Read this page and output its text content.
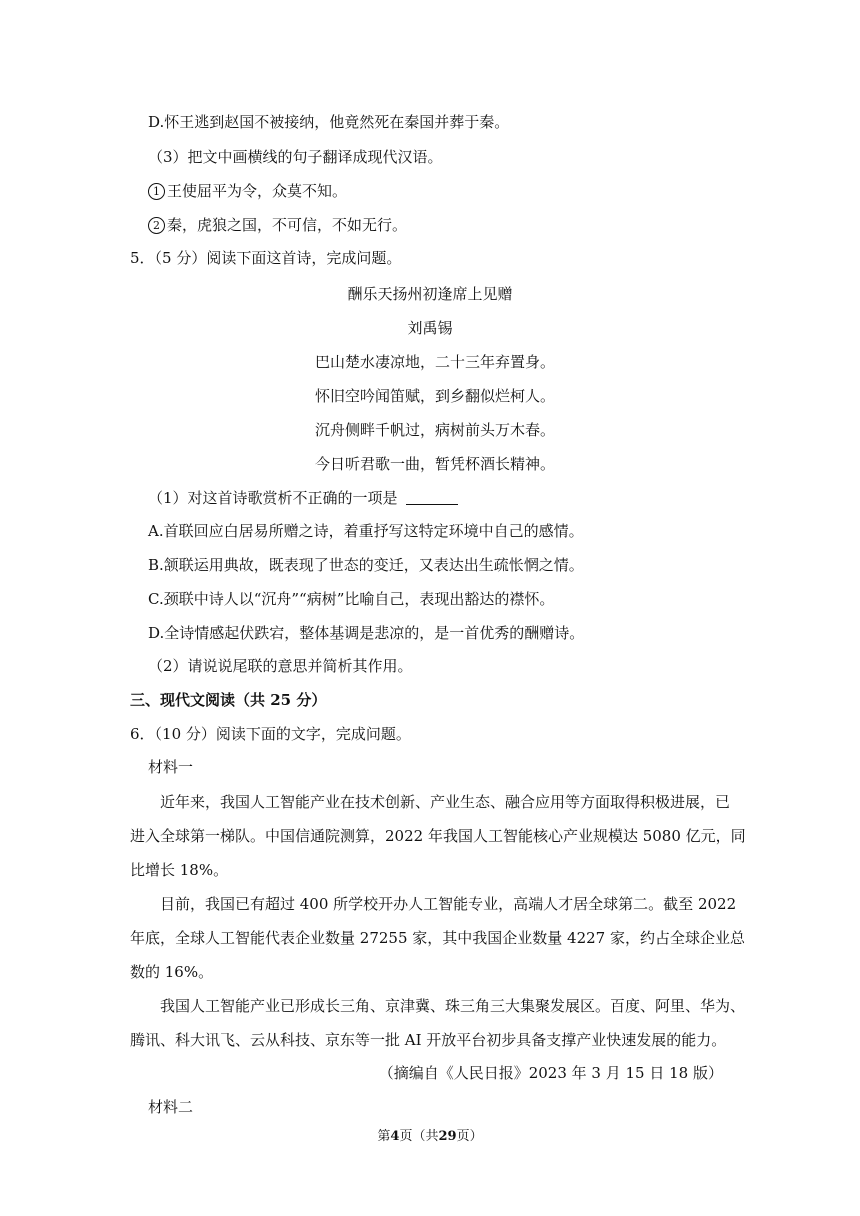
D.怀王逃到赵国不被接纳，他竟然死在秦国并葬于秦。
（3）把文中画横线的句子翻译成现代汉语。
1 王使屈平为令，众莫不知。
2 秦，虎狼之国，不可信，不如无行。
5．（5 分）阅读下面这首诗，完成问题。
酬乐天扬州初逢席上见赠
刘禹锡
巴山楚水凄凉地，二十三年弃置身。
怀旧空吟闻笛赋，到乡翻似烂柯人。
沉舟侧畔千帆过，病树前头万木春。
今日听君歌一曲，暂凭杯酒长精神。
（1）对这首诗歌赏析不正确的一项是
A.首联回应白居易所赠之诗，着重抒写这特定环境中自己的感情。
B.颔联运用典故，既表现了世态的变迁，又表达出生疏怅惘之情。
C.颈联中诗人以“沉舟”“病树”比喻自己，表现出豁达的襟怀。
D.全诗情感起伏跌宕，整体基调是悲凉的，是一首优秀的酬赠诗。
（2）请说说尾联的意思并简析其作用。
三、现代文阅读（共 25 分）
6．（10 分）阅读下面的文字，完成问题。
材料一
近年来，我国人工智能产业在技术创新、产业生态、融合应用等方面取得积极进展，已
进入全球第一梯队。中国信通院测算，2022 年我国人工智能核心产业规模达 5080 亿元，同
比增长 18%。
目前，我国已有超过 400 所学校开办人工智能专业，高端人才居全球第二。截至 2022
年底，全球人工智能代表企业数量 27255 家，其中我国企业数量 4227 家，约占全球企业总
数的 16%。
我国人工智能产业已形成长三角、京津冀、珠三角三大集聚发展区。百度、阿里、华为、
腾讯、科大讯飞、云从科技、京东等一批 AI 开放平台初步具备支撑产业快速发展的能力。
（摘编自《人民日报》2023 年 3 月 15 日 18 版）
材料二
第4页（共29页）
